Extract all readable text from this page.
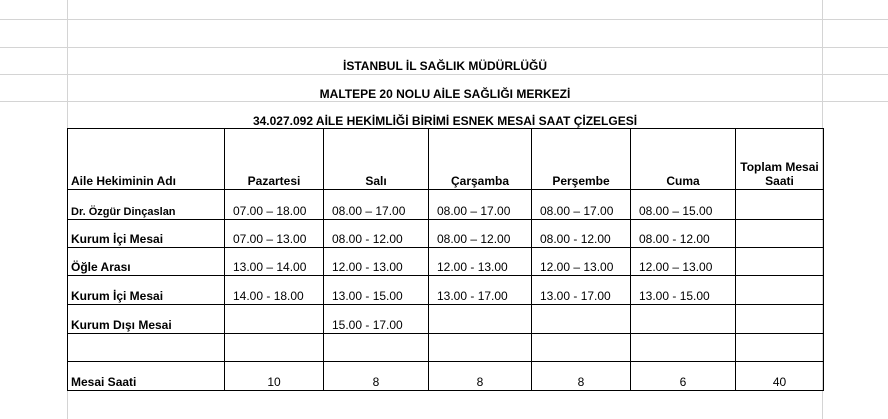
İSTANBUL İL SAĞLIK MÜDÜRLÜĞÜ
MALTEPE 20 NOLU AİLE SAĞLIĞI MERKEZİ
34.027.092 AİLE HEKİMLİĞİ BİRİMİ ESNEK MESAİ SAAT ÇİZELGESİ
Aile Hekiminin Adı	Pazartesi	Salı	Çarşamba	Perşembe	Cuma	Toplam Mesai Saati
Dr. Özgür Dinçaslan	07.00 – 18.00	08.00 – 17.00	08.00 – 17.00	08.00 – 17.00	08.00 – 15.00	
Kurum İçi Mesai	07.00 – 13.00	08.00 - 12.00	08.00 – 12.00	08.00 - 12.00	08.00 - 12.00	
Öğle Arası	13.00 – 14.00	12.00 - 13.00	12.00 - 13.00	12.00 – 13.00	12.00 – 13.00	
Kurum İçi Mesai	14.00 - 18.00	13.00 - 15.00	13.00 - 17.00	13.00 - 17.00	13.00 - 15.00	
Kurum Dışı Mesai		15.00 - 17.00				

Mesai Saati	10	8	8	8	6	40
